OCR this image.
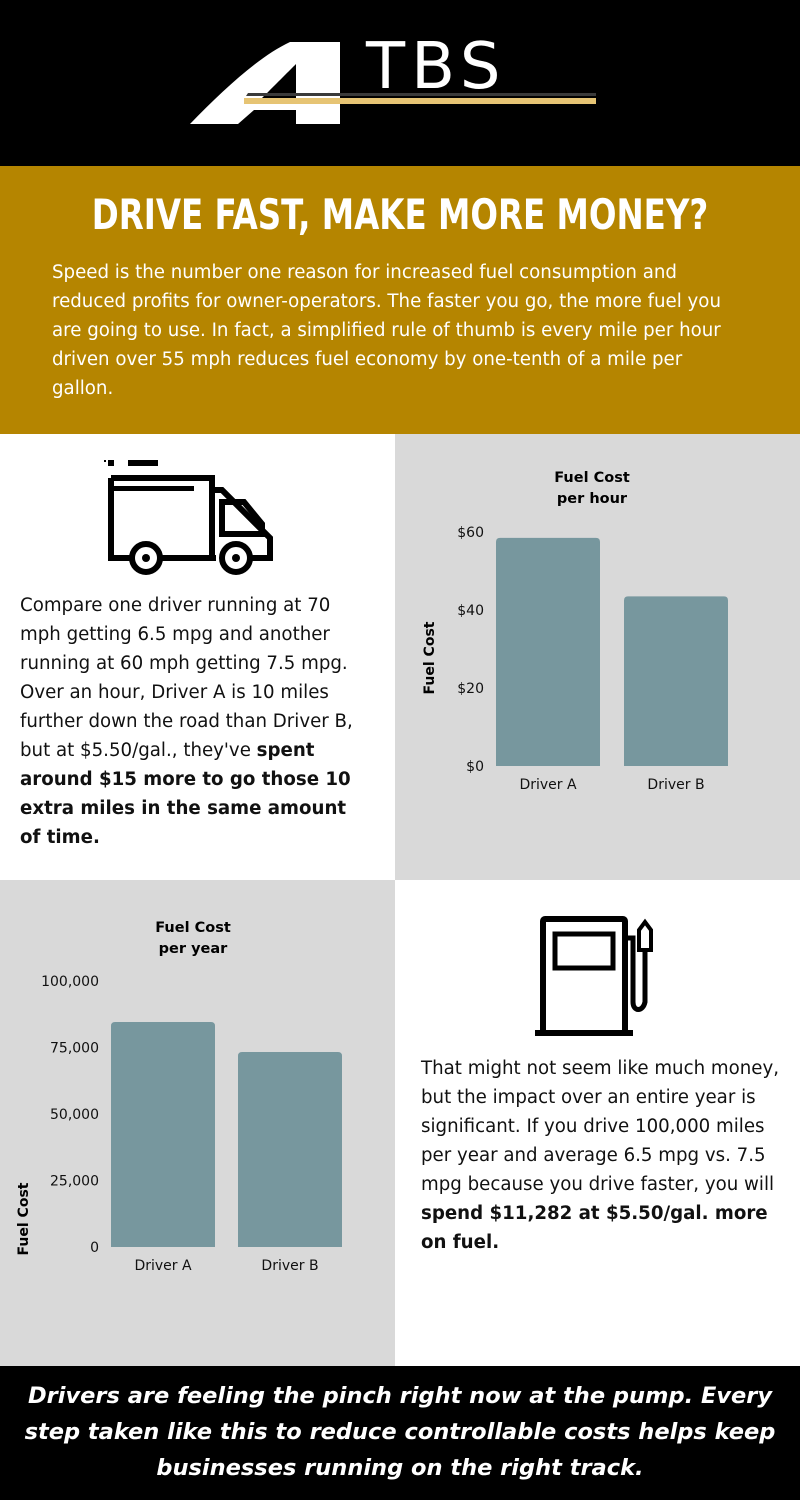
TBS
DRIVE FAST, MAKE MORE MONEY?

Speed is the number one reason for increased fuel consumption and reduced profits for owner-operators. The faster you go, the more fuel you are going to use. In fact, a simplified rule of thumb is every mile per hour driven over 55 mph reduces fuel economy by one-tenth of a mile per gallon.

Compare one driver running at 70 mph getting 6.5 mpg and another running at 60 mph getting 7.5 mpg. Over an hour, Driver A is 10 miles further down the road than Driver B, but at $5.50/gal., they've spent around $15 more to go those 10 extra miles in the same amount of time.
Fuel Cost
per hour
Fuel Cost
$0
$20
$40
$60
Driver A	Driver B
Fuel Cost
per year
Fuel Cost	0
25,000
50,000
75,000
100,000
Driver A	Driver B
That might not seem like much money, but the impact over an entire year is significant. If you drive 100,000 miles per year and average 6.5 mpg vs. 7.5 mpg because you drive faster, you will spend $11,282 at $5.50/gal. more on fuel.

Drivers are feeling the pinch right now at the pump. Every step taken like this to reduce controllable costs helps keep businesses running on the right track.
